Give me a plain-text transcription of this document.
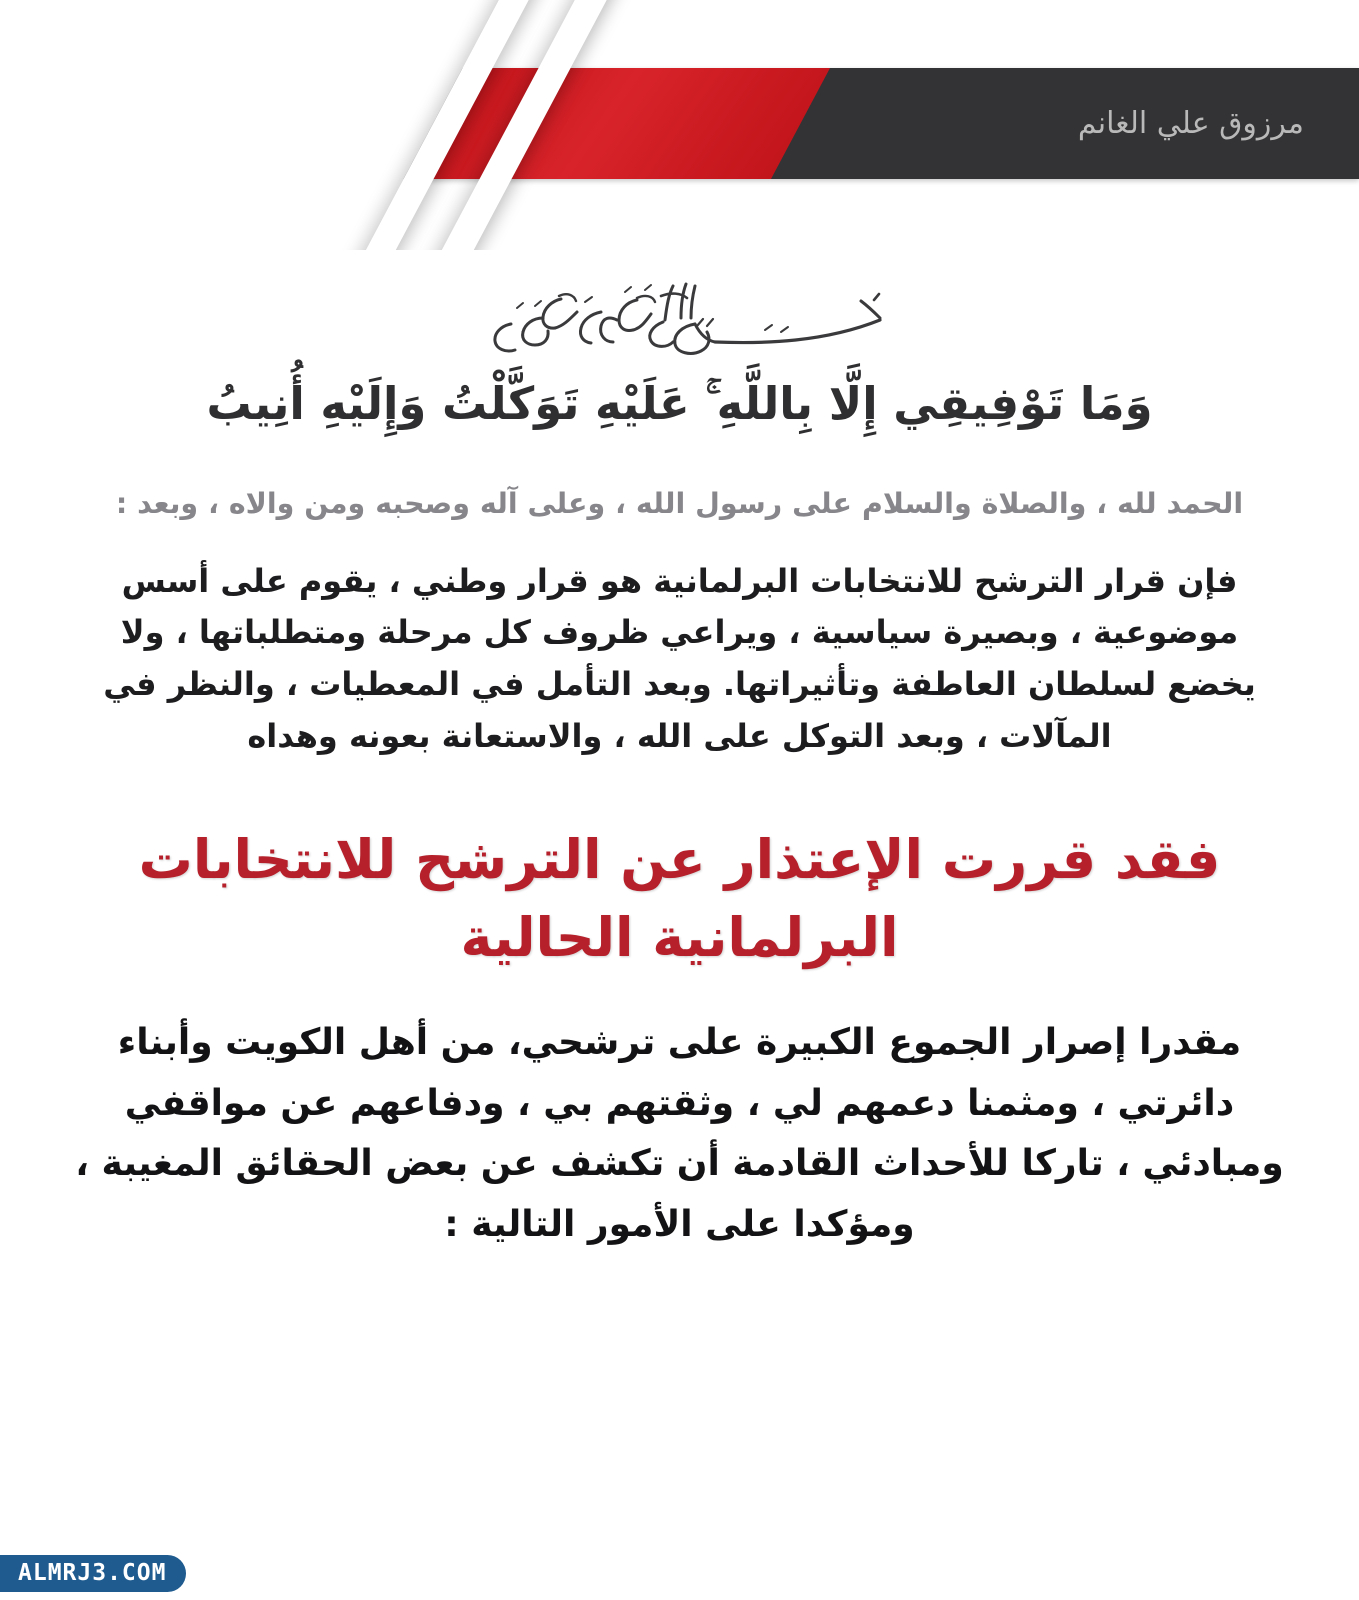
مرزوق علي الغانم
وَمَا تَوْفِيقِي إِلَّا بِاللَّهِ ۚ عَلَيْهِ تَوَكَّلْتُ وَإِلَيْهِ أُنِيبُ
الحمد لله ، والصلاة والسلام على رسول الله ، وعلى آله وصحبه ومن والاه ، وبعد :
فإن قرار الترشح للانتخابات البرلمانية هو قرار وطني ، يقوم على أسس موضوعية ، وبصيرة سياسية ، ويراعي ظروف كل مرحلة ومتطلباتها ، ولا يخضع لسلطان العاطفة وتأثيراتها. وبعد التأمل في المعطيات ، والنظر في المآلات ، وبعد التوكل على الله ، والاستعانة بعونه وهداه
فقد قررت الإعتذار عن الترشح للانتخابات البرلمانية الحالية
مقدرا إصرار الجموع الكبيرة على ترشحي، من أهل الكويت وأبناء دائرتي ، ومثمنا دعمهم لي ، وثقتهم بي ، ودفاعهم عن مواقفي ومبادئي ، تاركا للأحداث القادمة أن تكشف عن بعض الحقائق المغيبة ، ومؤكدا على الأمور التالية :
ALMRJ3.COM
